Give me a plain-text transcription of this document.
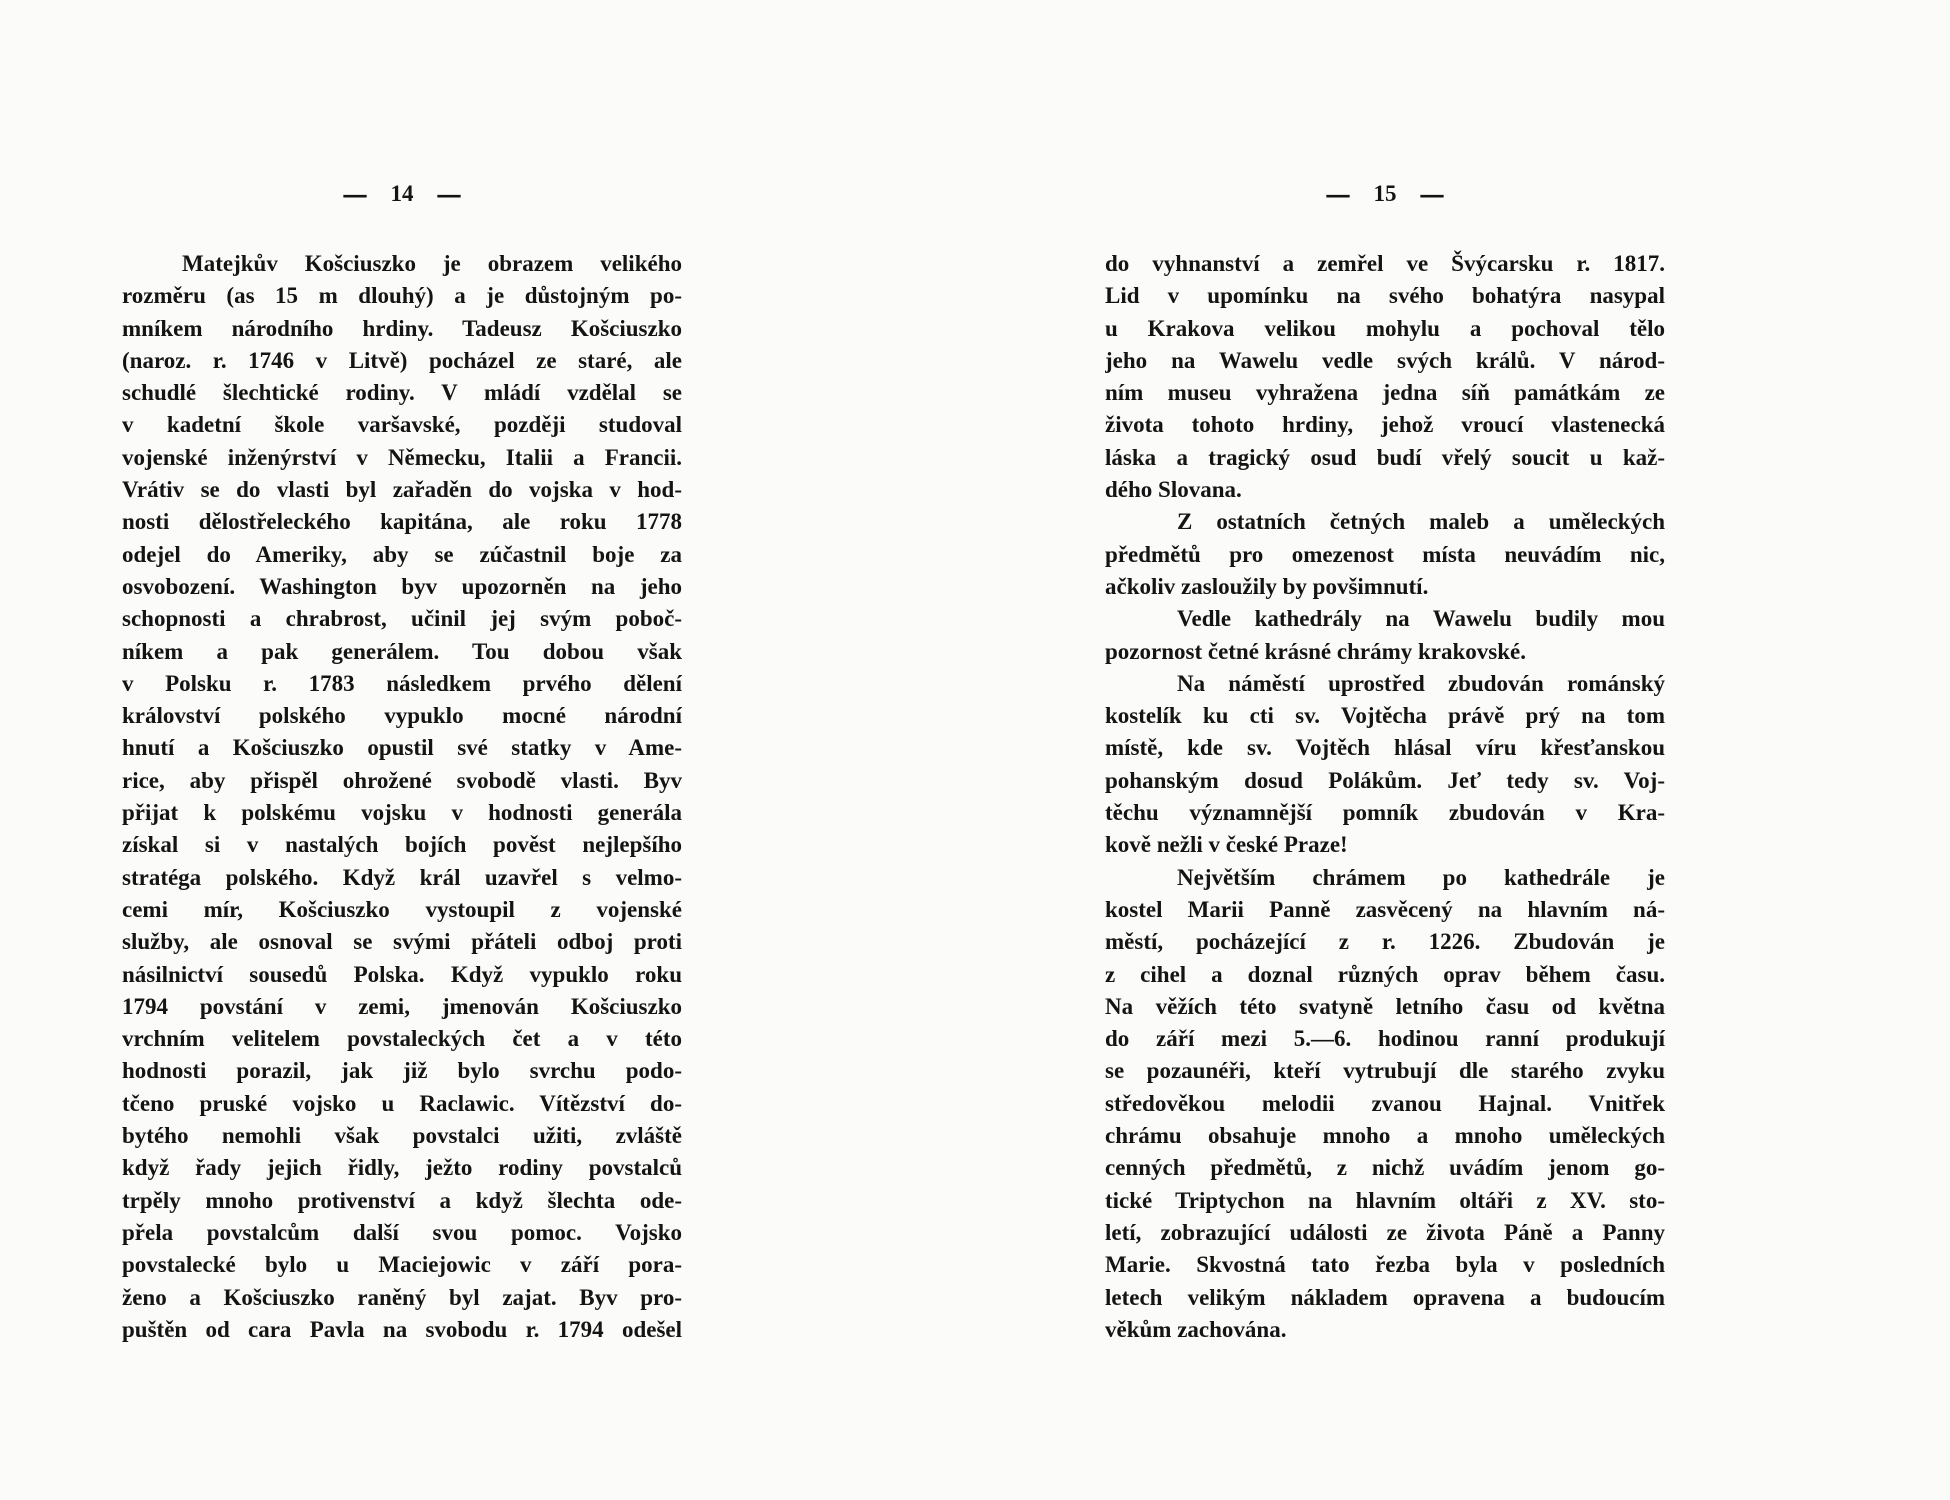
— 14 —
Matejkův Košciuszko je obrazem velikého
rozměru (as 15 m dlouhý) a je důstojným po-
mníkem národního hrdiny. Tadeusz Košciuszko
(naroz. r. 1746 v Litvě) pocházel ze staré, ale
schudlé šlechtické rodiny. V mládí vzdělal se
v kadetní škole varšavské, později studoval
vojenské inženýrství v Německu, Italii a Francii.
Vrátiv se do vlasti byl zařaděn do vojska v hod-
nosti dělostřeleckého kapitána, ale roku 1778
odejel do Ameriky, aby se zúčastnil boje za
osvobození. Washington byv upozorněn na jeho
schopnosti a chrabrost, učinil jej svým poboč-
níkem a pak generálem. Tou dobou však
v Polsku r. 1783 následkem prvého dělení
království polského vypuklo mocné národní
hnutí a Košciuszko opustil své statky v Ame-
rice, aby přispěl ohrožené svobodě vlasti. Byv
přijat k polskému vojsku v hodnosti generála
získal si v nastalých bojích pověst nejlepšího
stratéga polského. Když král uzavřel s velmo-
cemi mír, Košciuszko vystoupil z vojenské
služby, ale osnoval se svými přáteli odboj proti
násilnictví sousedů Polska. Když vypuklo roku
1794 povstání v zemi, jmenován Košciuszko
vrchním velitelem povstaleckých čet a v této
hodnosti porazil, jak již bylo svrchu podo-
tčeno pruské vojsko u Raclawic. Vítězství do-
bytého nemohli však povstalci užiti, zvláště
když řady jejich řidly, ježto rodiny povstalců
trpěly mnoho protivenství a když šlechta ode-
přela povstalcům další svou pomoc. Vojsko
povstalecké bylo u Maciejowic v září pora-
ženo a Košciuszko raněný byl zajat. Byv pro-
puštěn od cara Pavla na svobodu r. 1794 odešel
— 15 —
do vyhnanství a zemřel ve Švýcarsku r. 1817.
Lid v upomínku na svého bohatýra nasypal
u Krakova velikou mohylu a pochoval tělo
jeho na Wawelu vedle svých králů. V národ-
ním museu vyhražena jedna síň památkám ze
života tohoto hrdiny, jehož vroucí vlastenecká
láska a tragický osud budí vřelý soucit u kaž-
dého Slovana.
Z ostatních četných maleb a uměleckých
předmětů pro omezenost místa neuvádím nic,
ačkoliv zasloužily by povšimnutí.
Vedle kathedrály na Wawelu budily mou
pozornost četné krásné chrámy krakovské.
Na náměstí uprostřed zbudován románský
kostelík ku cti sv. Vojtěcha právě prý na tom
místě, kde sv. Vojtěch hlásal víru křesťanskou
pohanským dosud Polákům. Jeť tedy sv. Voj-
těchu významnější pomník zbudován v Kra-
kově nežli v české Praze!
Největším chrámem po kathedrále je
kostel Marii Panně zasvěcený na hlavním ná-
městí, pocházející z r. 1226. Zbudován je
z cihel a doznal různých oprav během času.
Na věžích této svatyně letního času od května
do září mezi 5.—6. hodinou ranní produkují
se pozaunéři, kteří vytrubují dle starého zvyku
středověkou melodii zvanou Hajnal. Vnitřek
chrámu obsahuje mnoho a mnoho uměleckých
cenných předmětů, z nichž uvádím jenom go-
tické Triptychon na hlavním oltáři z XV. sto-
letí, zobrazující události ze života Páně a Panny
Marie. Skvostná tato řezba byla v posledních
letech velikým nákladem opravena a budoucím
věkům zachována.
